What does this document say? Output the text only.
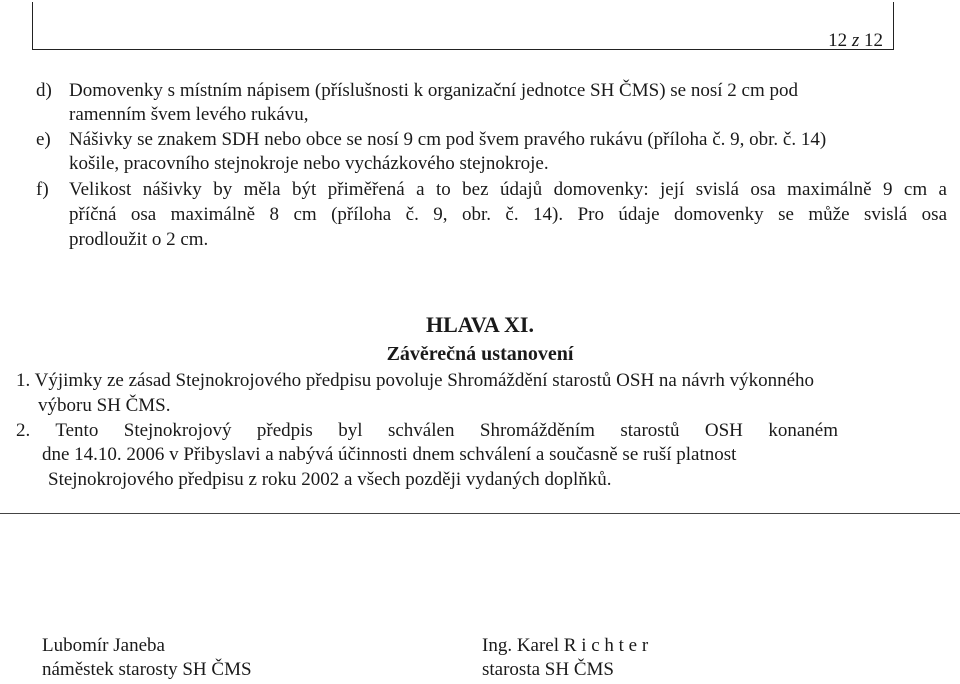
12 z 12
d) Domovenky s místním nápisem (příslušnosti k organizační jednotce SH ČMS) se nosí 2 cm pod
ramenním švem levého rukávu,
e) Nášivky se znakem SDH nebo obce se nosí 9 cm pod švem pravého rukávu (příloha č. 9, obr. č. 14)
košile, pracovního stejnokroje nebo vycházkového stejnokroje.
f) Velikost nášivky by měla být přiměřená a to bez údajů domovenky: její svislá osa maximálně 9 cm a
příčná osa maximálně 8 cm (příloha č. 9, obr. č. 14). Pro údaje domovenky se může svislá osa
prodloužit o 2 cm.
HLAVA XI.
Závěrečná ustanovení
1. Výjimky ze zásad Stejnokrojového předpisu povoluje Shromáždění starostů OSH na návrh výkonného
výboru SH ČMS.
2. Tento Stejnokrojový předpis byl schválen Shromážděním starostů OSH konaném
dne 14.10. 2006 v Přibyslavi a nabývá účinnosti dnem schválení a současně se ruší platnost
Stejnokrojového předpisu z roku 2002 a všech později vydaných doplňků.
Lubomír Janeba
náměstek starosty SH ČMS
Ing. Karel R i c h t e r
starosta SH ČMS
